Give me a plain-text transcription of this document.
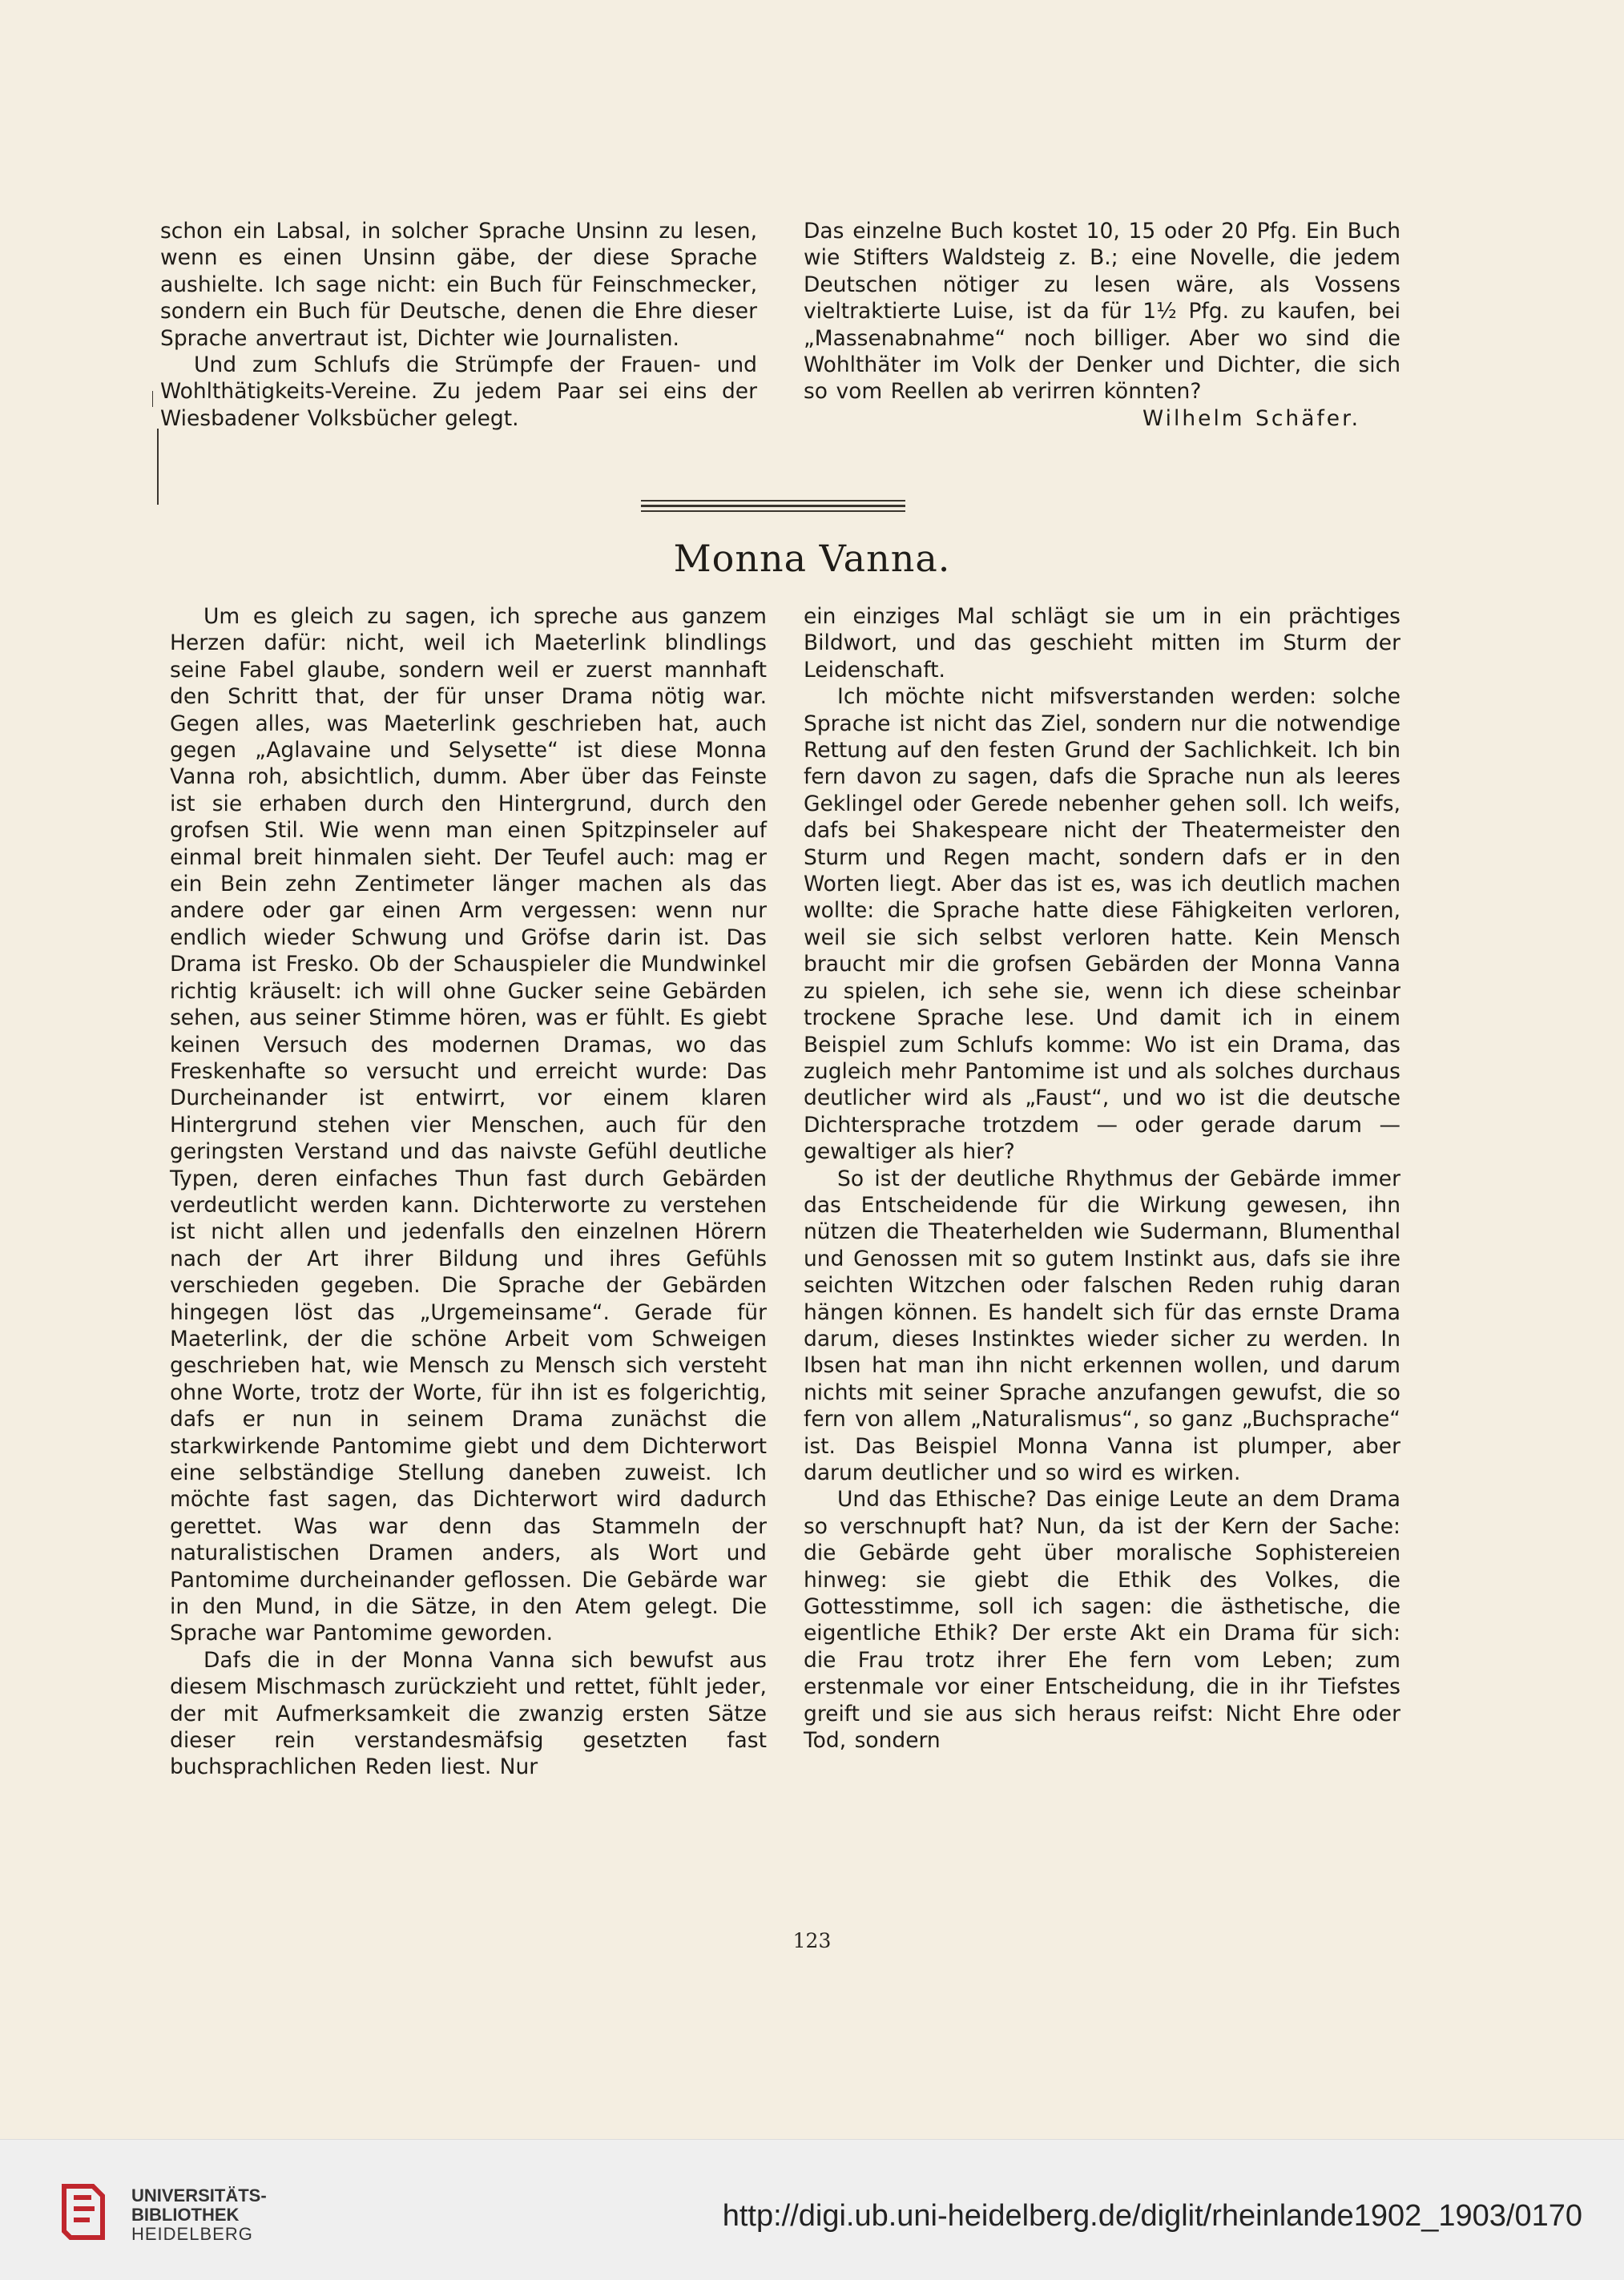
schon ein Labsal, in solcher Sprache Unsinn zu lesen, wenn es einen Unsinn gäbe, der diese Sprache aushielte. Ich sage nicht: ein Buch für Feinschmecker, sondern ein Buch für Deutsche, denen die Ehre dieser Sprache anvertraut ist, Dichter wie Journalisten.

Und zum Schlufs die Strümpfe der Frauen- und Wohlthätigkeits-Vereine. Zu jedem Paar sei eins der Wiesbadener Volksbücher gelegt.

Das einzelne Buch kostet 10, 15 oder 20 Pfg. Ein Buch wie Stifters Waldsteig z. B.; eine Novelle, die jedem Deutschen nötiger zu lesen wäre, als Vossens vieltraktierte Luise, ist da für 1½ Pfg. zu kaufen, bei „Massenabnahme“ noch billiger. Aber wo sind die Wohlthäter im Volk der Denker und Dichter, die sich so vom Reellen ab verirren könnten?

Wilhelm Schäfer.

Monna Vanna.

Um es gleich zu sagen, ich spreche aus ganzem Herzen dafür: nicht, weil ich Maeterlink blindlings seine Fabel glaube, sondern weil er zuerst mannhaft den Schritt that, der für unser Drama nötig war. Gegen alles, was Maeterlink geschrieben hat, auch gegen „Aglavaine und Selysette“ ist diese Monna Vanna roh, absichtlich, dumm. Aber über das Feinste ist sie erhaben durch den Hintergrund, durch den grofsen Stil. Wie wenn man einen Spitzpinseler auf einmal breit hinmalen sieht. Der Teufel auch: mag er ein Bein zehn Zentimeter länger machen als das andere oder gar einen Arm vergessen: wenn nur endlich wieder Schwung und Gröfse darin ist. Das Drama ist Fresko. Ob der Schauspieler die Mundwinkel richtig kräuselt: ich will ohne Gucker seine Gebärden sehen, aus seiner Stimme hören, was er fühlt. Es giebt keinen Versuch des modernen Dramas, wo das Freskenhafte so versucht und erreicht wurde: Das Durcheinander ist entwirrt, vor einem klaren Hintergrund stehen vier Menschen, auch für den geringsten Verstand und das naivste Gefühl deutliche Typen, deren einfaches Thun fast durch Gebärden verdeutlicht werden kann. Dichterworte zu verstehen ist nicht allen und jedenfalls den einzelnen Hörern nach der Art ihrer Bildung und ihres Gefühls verschieden gegeben. Die Sprache der Gebärden hingegen löst das „Urgemeinsame“. Gerade für Maeterlink, der die schöne Arbeit vom Schweigen geschrieben hat, wie Mensch zu Mensch sich versteht ohne Worte, trotz der Worte, für ihn ist es folgerichtig, dafs er nun in seinem Drama zunächst die starkwirkende Pantomime giebt und dem Dichterwort eine selbständige Stellung daneben zuweist. Ich möchte fast sagen, das Dichterwort wird dadurch gerettet. Was war denn das Stammeln der naturalistischen Dramen anders, als Wort und Pantomime durcheinander geflossen. Die Gebärde war in den Mund, in die Sätze, in den Atem gelegt. Die Sprache war Pantomime geworden.

Dafs die in der Monna Vanna sich bewufst aus diesem Mischmasch zurückzieht und rettet, fühlt jeder, der mit Aufmerksamkeit die zwanzig ersten Sätze dieser rein verstandesmäfsig gesetzten fast buchsprachlichen Reden liest. Nur

ein einziges Mal schlägt sie um in ein prächtiges Bildwort, und das geschieht mitten im Sturm der Leidenschaft.

Ich möchte nicht mifsverstanden werden: solche Sprache ist nicht das Ziel, sondern nur die notwendige Rettung auf den festen Grund der Sachlichkeit. Ich bin fern davon zu sagen, dafs die Sprache nun als leeres Geklingel oder Gerede nebenher gehen soll. Ich weifs, dafs bei Shakespeare nicht der Theatermeister den Sturm und Regen macht, sondern dafs er in den Worten liegt. Aber das ist es, was ich deutlich machen wollte: die Sprache hatte diese Fähigkeiten verloren, weil sie sich selbst verloren hatte. Kein Mensch braucht mir die grofsen Gebärden der Monna Vanna zu spielen, ich sehe sie, wenn ich diese scheinbar trockene Sprache lese. Und damit ich in einem Beispiel zum Schlufs komme: Wo ist ein Drama, das zugleich mehr Pantomime ist und als solches durchaus deutlicher wird als „Faust“, und wo ist die deutsche Dichtersprache trotzdem — oder gerade darum — gewaltiger als hier?

So ist der deutliche Rhythmus der Gebärde immer das Entscheidende für die Wirkung gewesen, ihn nützen die Theaterhelden wie Sudermann, Blumenthal und Genossen mit so gutem Instinkt aus, dafs sie ihre seichten Witzchen oder falschen Reden ruhig daran hängen können. Es handelt sich für das ernste Drama darum, dieses Instinktes wieder sicher zu werden. In Ibsen hat man ihn nicht erkennen wollen, und darum nichts mit seiner Sprache anzufangen gewufst, die so fern von allem „Naturalismus“, so ganz „Buchsprache“ ist. Das Beispiel Monna Vanna ist plumper, aber darum deutlicher und so wird es wirken.

Und das Ethische? Das einige Leute an dem Drama so verschnupft hat? Nun, da ist der Kern der Sache: die Gebärde geht über moralische Sophistereien hinweg: sie giebt die Ethik des Volkes, die Gottesstimme, soll ich sagen: die ästhetische, die eigentliche Ethik? Der erste Akt ein Drama für sich: die Frau trotz ihrer Ehe fern vom Leben; zum erstenmale vor einer Entscheidung, die in ihr Tiefstes greift und sie aus sich heraus reifst: Nicht Ehre oder Tod, sondern

123
UNIVERSITÄTS-
BIBLIOTHEK
HEIDELBERG
http://digi.ub.uni-heidelberg.de/diglit/rheinlande1902_1903/0170
